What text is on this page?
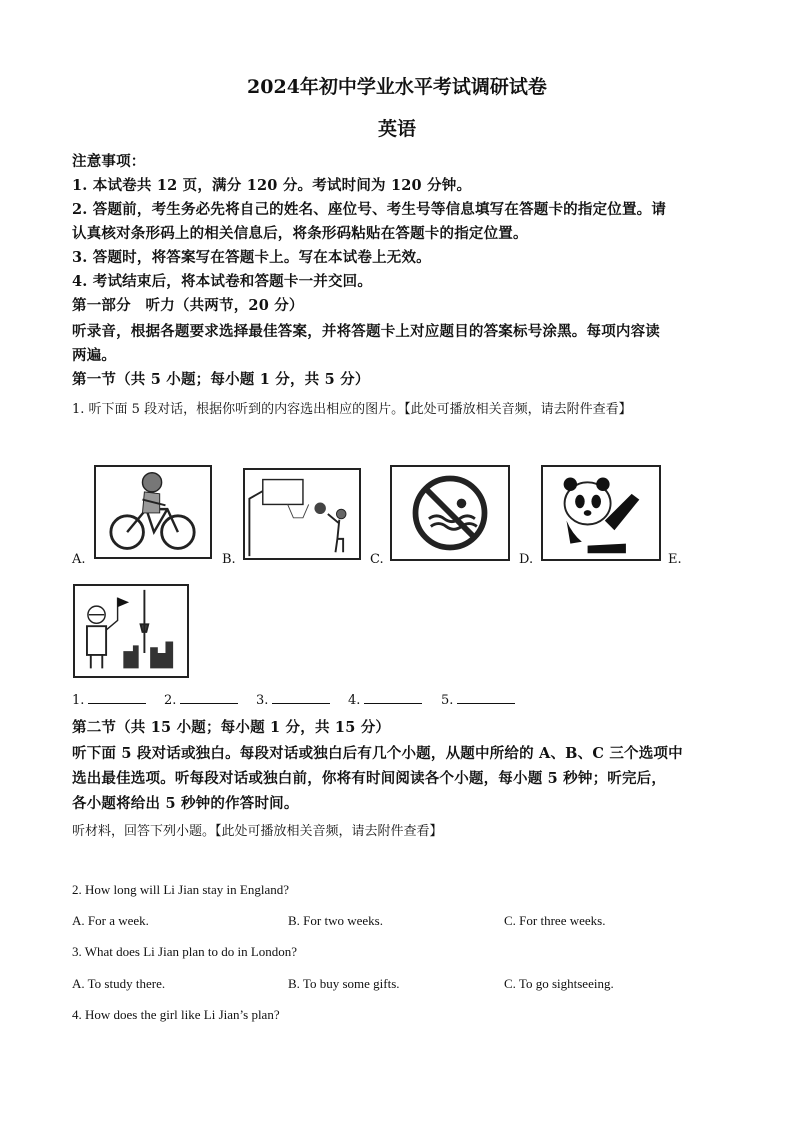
2024年初中学业水平考试调研试卷
英语
注意事项：
1. 本试卷共 12 页，满分 120 分。考试时间为 120 分钟。
2. 答题前，考生务必先将自己的姓名、座位号、考生号等信息填写在答题卡的指定位置。请
认真核对条形码上的相关信息后，将条形码粘贴在答题卡的指定位置。
3. 答题时，将答案写在答题卡上。写在本试卷上无效。
4. 考试结束后，将本试卷和答题卡一并交回。
第一部分　听力（共两节，20 分）
听录音，根据各题要求选择最佳答案，并将答题卡上对应题目的答案标号涂黑。每项内容读
两遍。
第一节（共 5 小题；每小题 1 分，共 5 分）
1. 听下面 5 段对话，根据你听到的内容选出相应的图片。【此处可播放相关音频，请去附件查看】
A.	B.	C.	D.	E.
1.	2.	3.	4.	5.
第二节（共 15 小题；每小题 1 分，共 15 分）
听下面 5 段对话或独白。每段对话或独白后有几个小题，从题中所给的 A、B、C 三个选项中
选出最佳选项。听每段对话或独白前，你将有时间阅读各个小题，每小题 5 秒钟；听完后，
各小题将给出 5 秒钟的作答时间。
听材料，回答下列小题。【此处可播放相关音频，请去附件查看】
2. How long will Li Jian stay in England?
A. For a week.	B. For two weeks.	C. For three weeks.
3. What does Li Jian plan to do in London?
A. To study there.	B. To buy some gifts.	C. To go sightseeing.
4. How does the girl like Li Jian’s plan?
